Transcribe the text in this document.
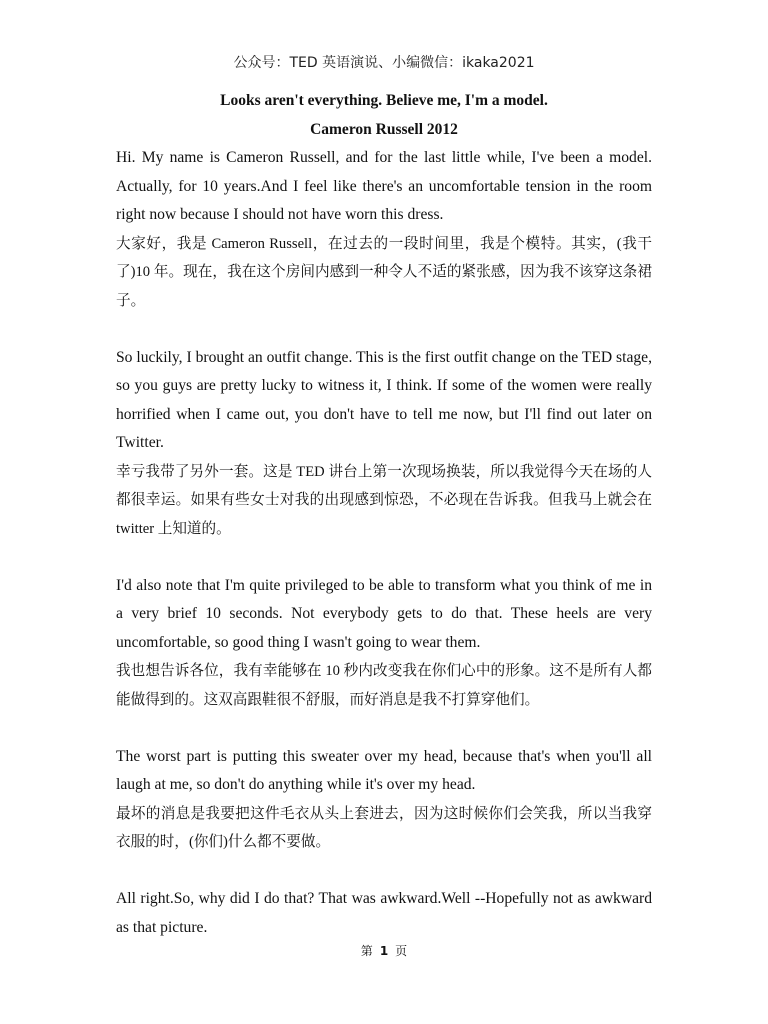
公众号：TED 英语演说、小编微信：ikaka2021
Looks aren't everything. Believe me, I'm a model.
Cameron Russell 2012

Hi. My name is Cameron Russell, and for the last little while, I've been a model. Actually, for 10 years.And I feel like there's an uncomfortable tension in the room right now because I should not have worn this dress.

大家好，我是 Cameron Russell，在过去的一段时间里，我是个模特。其实，(我干了)10 年。现在，我在这个房间内感到一种令人不适的紧张感，因为我不该穿这条裙子。

So luckily, I brought an outfit change. This is the first outfit change on the TED stage, so you guys are pretty lucky to witness it, I think. If some of the women were really horrified when I came out, you don't have to tell me now, but I'll find out later on Twitter.

幸亏我带了另外一套。这是 TED 讲台上第一次现场换装，所以我觉得今天在场的人都很幸运。如果有些女士对我的出现感到惊恐，不必现在告诉我。但我马上就会在 twitter 上知道的。

I'd also note that I'm quite privileged to be able to transform what you think of me in a very brief 10 seconds. Not everybody gets to do that. These heels are very uncomfortable, so good thing I wasn't going to wear them.

我也想告诉各位，我有幸能够在 10 秒内改变我在你们心中的形象。这不是所有人都能做得到的。这双高跟鞋很不舒服，而好消息是我不打算穿他们。

The worst part is putting this sweater over my head, because that's when you'll all laugh at me, so don't do anything while it's over my head.

最坏的消息是我要把这件毛衣从头上套进去，因为这时候你们会笑我，所以当我穿衣服的时，(你们)什么都不要做。

All right.So, why did I do that? That was awkward.Well --Hopefully not as awkward as that picture.

第 1 页
